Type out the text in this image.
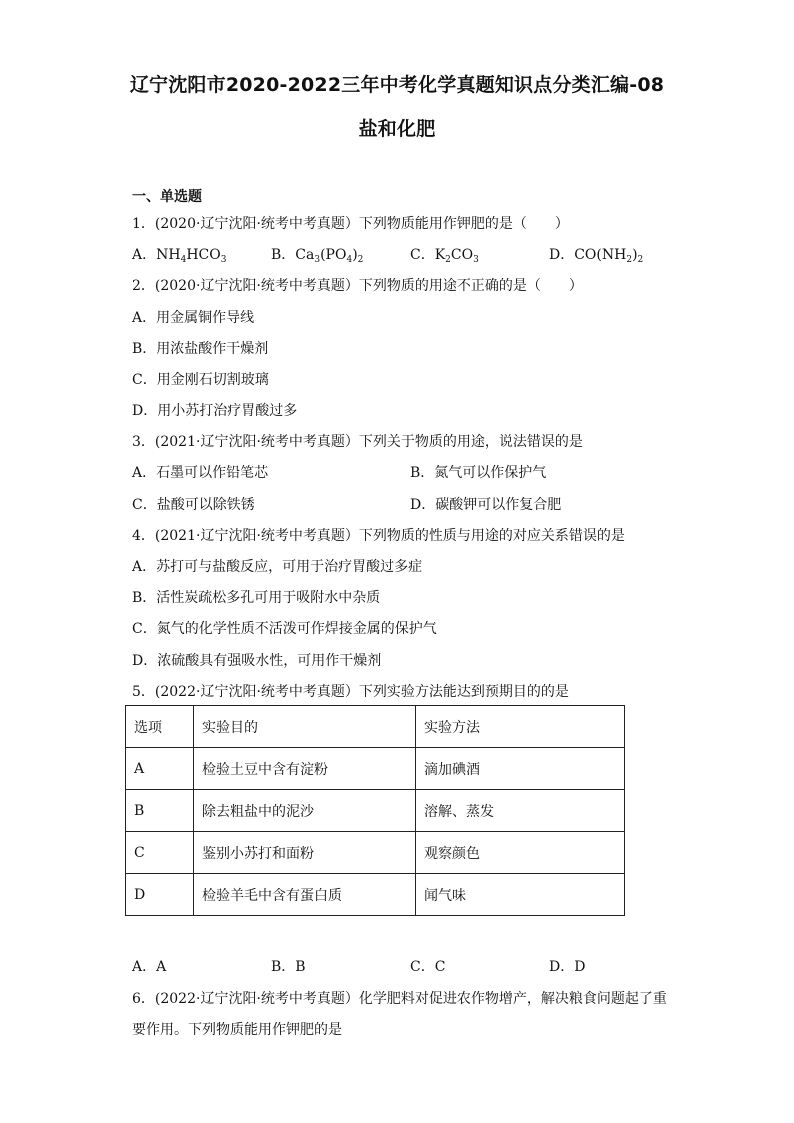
辽宁沈阳市2020-2022三年中考化学真题知识点分类汇编-08
盐和化肥
一、单选题
1．(2020·辽宁沈阳·统考中考真题）下列物质能用作钾肥的是（　　）
A．$NH_4HCO_3$	B．$Ca_3(PO_4)_2$	C．$K_2CO_3$	D．$CO(NH_2)_2$
2．(2020·辽宁沈阳·统考中考真题）下列物质的用途不正确的是（　　）
A．用金属铜作导线
B．用浓盐酸作干燥剂
C．用金刚石切割玻璃
D．用小苏打治疗胃酸过多
3．(2021·辽宁沈阳·统考中考真题）下列关于物质的用途，说法错误的是
A．石墨可以作铅笔芯	B．氮气可以作保护气
C．盐酸可以除铁锈	D．碳酸钾可以作复合肥
4．(2021·辽宁沈阳·统考中考真题）下列物质的性质与用途的对应关系错误的是
A．苏打可与盐酸反应，可用于治疗胃酸过多症
B．活性炭疏松多孔可用于吸附水中杂质
C．氮气的化学性质不活泼可作焊接金属的保护气
D．浓硫酸具有强吸水性，可用作干燥剂
5．(2022·辽宁沈阳·统考中考真题）下列实验方法能达到预期目的的是
选项	实验目的	实验方法
A	检验土豆中含有淀粉	滴加碘酒
B	除去粗盐中的泥沙	溶解、蒸发
C	鉴别小苏打和面粉	观察颜色
D	检验羊毛中含有蛋白质	闻气味
A．A	B．B	C．C	D．D
6．(2022·辽宁沈阳·统考中考真题）化学肥料对促进农作物增产，解决粮食问题起了重
要作用。下列物质能用作钾肥的是
